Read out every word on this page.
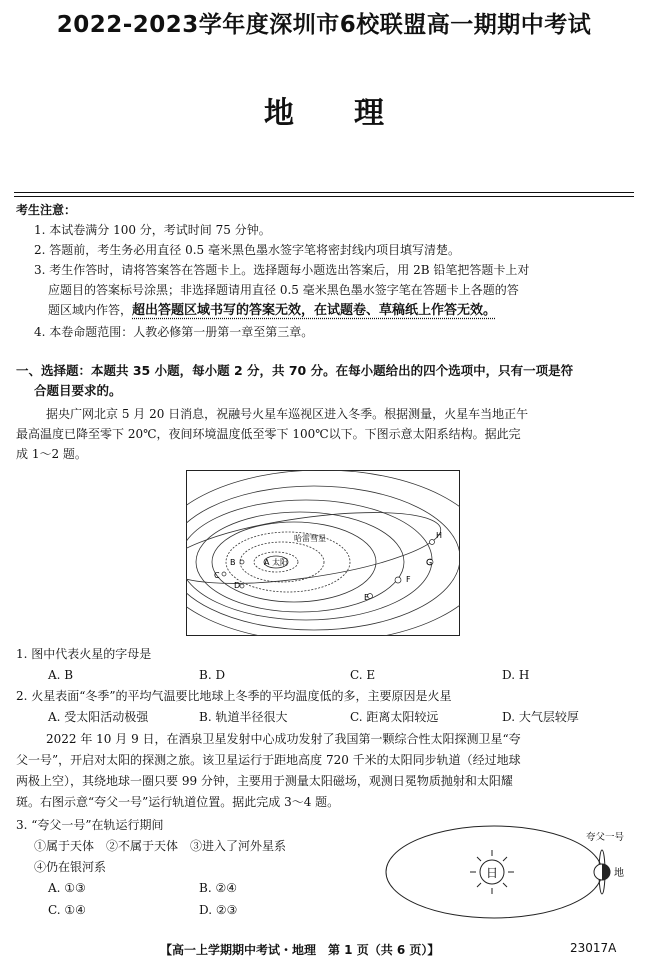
2022-2023学年度深圳市6校联盟高一期期中考试
地理
考生注意：
1. 本试卷满分 100 分，考试时间 75 分钟。
2. 答题前，考生务必用直径 0.5 毫米黑色墨水签字笔将密封线内项目填写清楚。
3. 考生作答时，请将答案答在答题卡上。选择题每小题选出答案后，用 2B 铅笔把答题卡上对
应题目的答案标号涂黑；非选择题请用直径 0.5 毫米黑色墨水签字笔在答题卡上各题的答
题区域内作答，超出答题区域书写的答案无效，在试题卷、草稿纸上作答无效。
4. 本卷命题范围：人教必修第一册第一章至第三章。
一、选择题：本题共 35 小题，每小题 2 分，共 70 分。在每小题给出的四个选项中，只有一项是符
合题目要求的。
据央广网北京 5 月 20 日消息，祝融号火星车巡视区进入冬季。根据测量，火星车当地正午
最高温度已降至零下 20℃，夜间环境温度低至零下 100℃以下。下图示意太阳系结构。据此完
成 1～2 题。
A 太阳
哈雷彗星
B
C
D
E
F
G
H
1. 图中代表火星的字母是
A. B	B. D	C. E	D. H
2. 火星表面“冬季”的平均气温要比地球上冬季的平均温度低的多，主要原因是火星
A. 受太阳活动极强	B. 轨道半径很大	C. 距离太阳较远	D. 大气层较厚
2022 年 10 月 9 日，在酒泉卫星发射中心成功发射了我国第一颗综合性太阳探测卫星“夸
父一号”，开启对太阳的探测之旅。该卫星运行于距地高度 720 千米的太阳同步轨道（经过地球
两极上空），其绕地球一圈只要 99 分钟，主要用于测量太阳磁场，观测日冕物质抛射和太阳耀
斑。右图示意“夸父一号”运行轨道位置。据此完成 3～4 题。
3. “夸父一号”在轨运行期间
①属于天体　②不属于天体　③进入了河外星系
④仍在银河系
A. ①③	B. ②④
C. ①④	D. ②③
日
夸父一号
地
【高一上学期期中考试・地理　第 1 页（共 6 页）】	23017A
